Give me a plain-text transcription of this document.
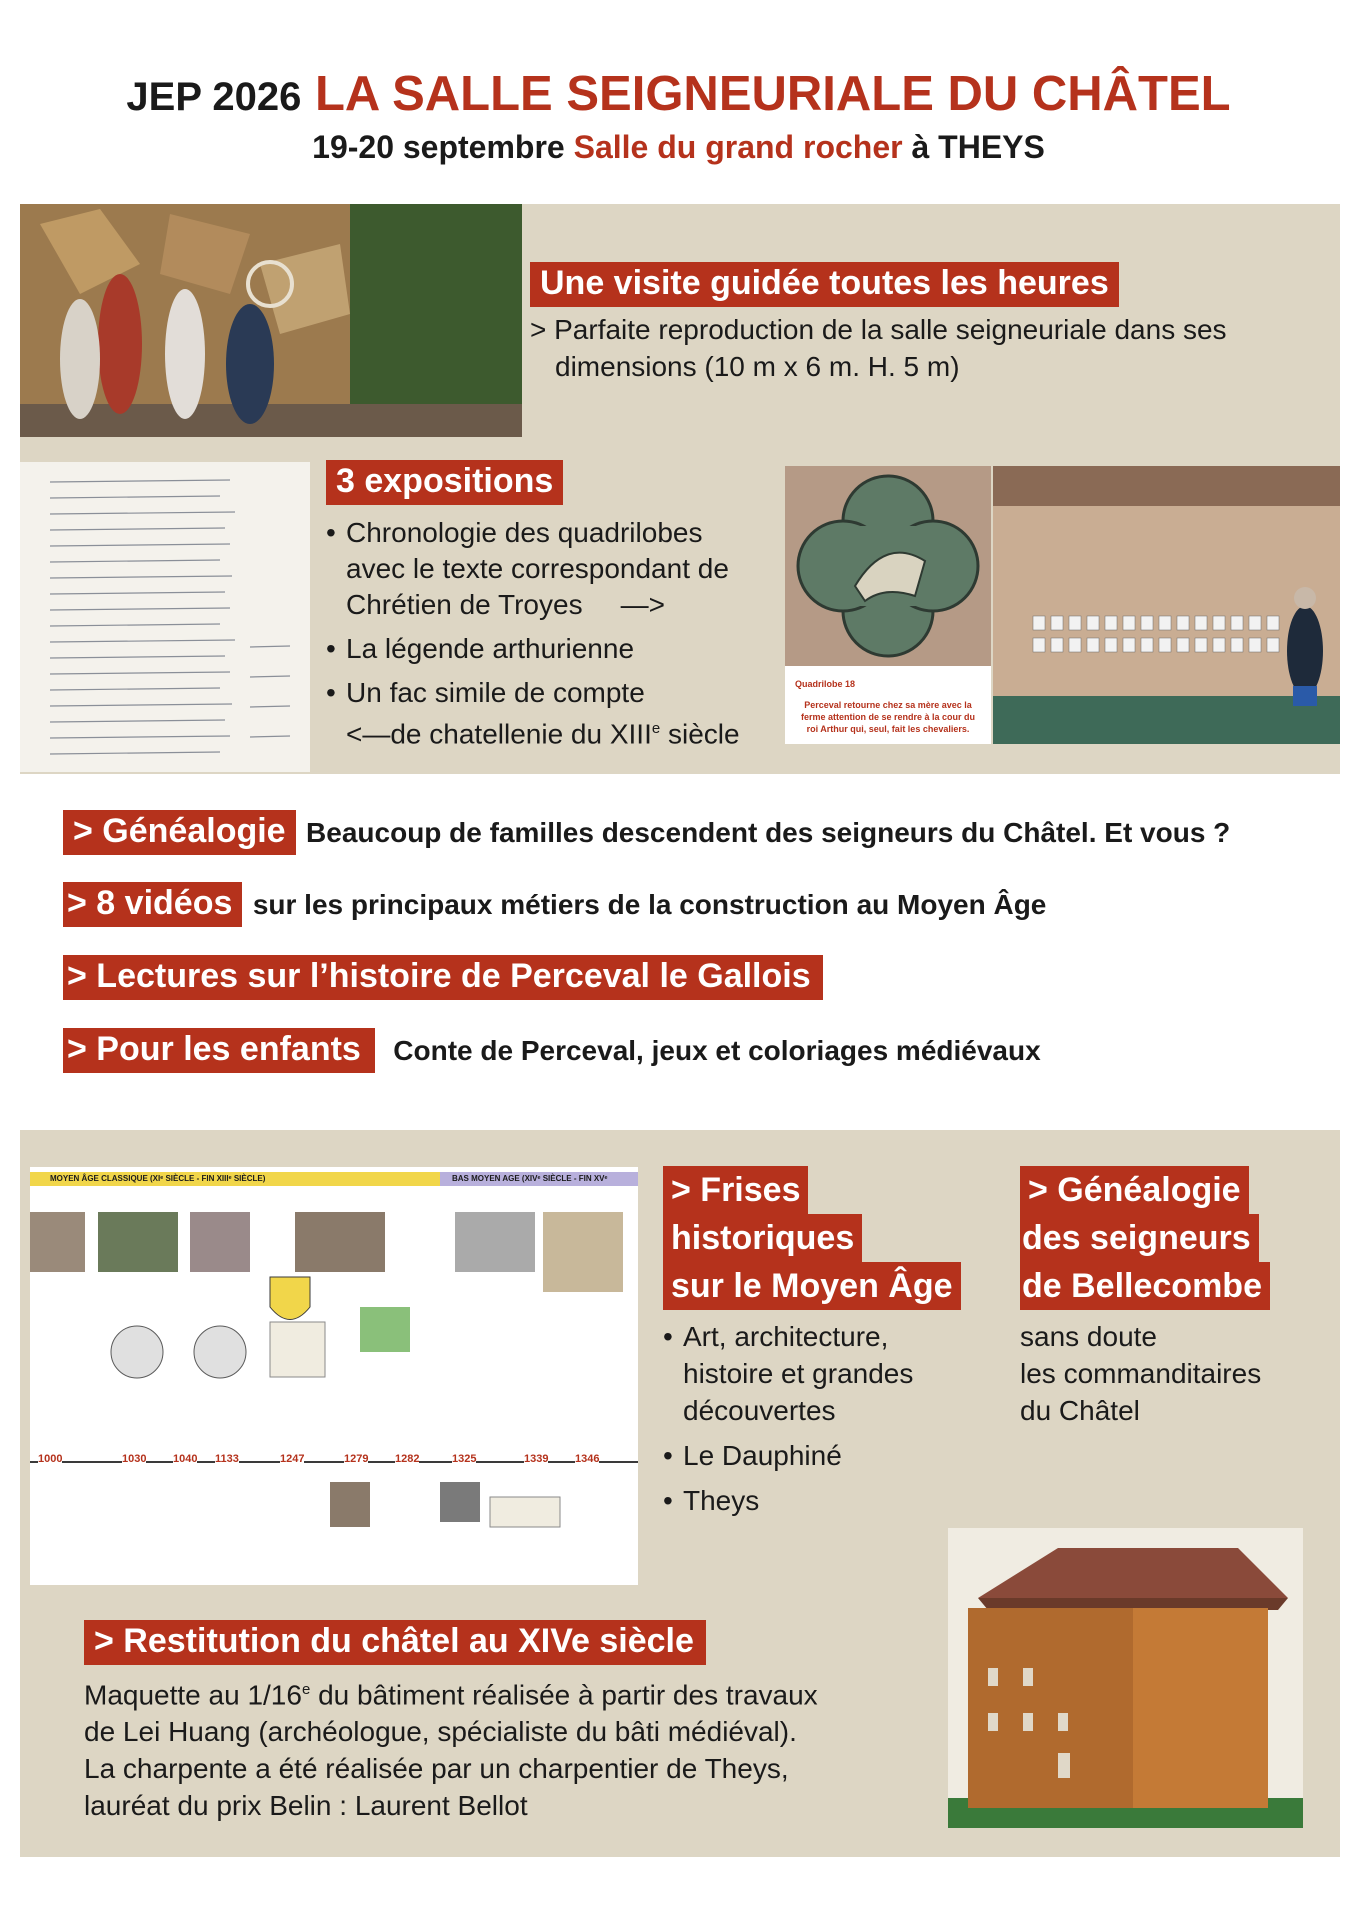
JEP 2026 LA SALLE SEIGNEURIALE DU CHÂTEL
19-20 septembre Salle du grand rocher à THEYS
Une visite guidée toutes les heures
> Parfaite reproduction de la salle seigneuriale dans ses
dimensions (10 m x 6 m. H. 5 m)
3 expositions
• Chronologie des quadrilobes
avec le texte correspondant de
Chrétien de Troyes —>
• La légende arthurienne
• Un fac simile de compte
<—de chatellenie du XIIIe siècle
Quadrilobe 18
Perceval retourne chez sa mère avec la ferme attention de se rendre à la cour du roi Arthur qui, seul, fait les chevaliers.
> Généalogie Beaucoup de familles descendent des seigneurs du Châtel. Et vous ?
> 8 vidéos sur les principaux métiers de la construction au Moyen Âge
> Lectures sur l’histoire de Perceval le Gallois
> Pour les enfants Conte de Perceval, jeux et coloriages médiévaux
MOYEN ÂGE CLASSIQUE (XIᵉ SIÈCLE - FIN XIIIᵉ SIÈCLE)	BAS MOYEN AGE (XIVᵉ SIÈCLE - FIN XVᵉ
1000	1030 1040 1133	1247	1279 1282	1325	1339 1346
> Frises
historiques
sur le Moyen Âge
• Art, architecture,
histoire et grandes
découvertes
• Le Dauphiné
• Theys
> Généalogie
des seigneurs
de Bellecombe
sans doute
les commanditaires
du Châtel
> Restitution du châtel au XIVe siècle
Maquette au 1/16e du bâtiment réalisée à partir des travaux
de Lei Huang (archéologue, spécialiste du bâti médiéval).
La charpente a été réalisée par un charpentier de Theys,
lauréat du prix Belin : Laurent Bellot
